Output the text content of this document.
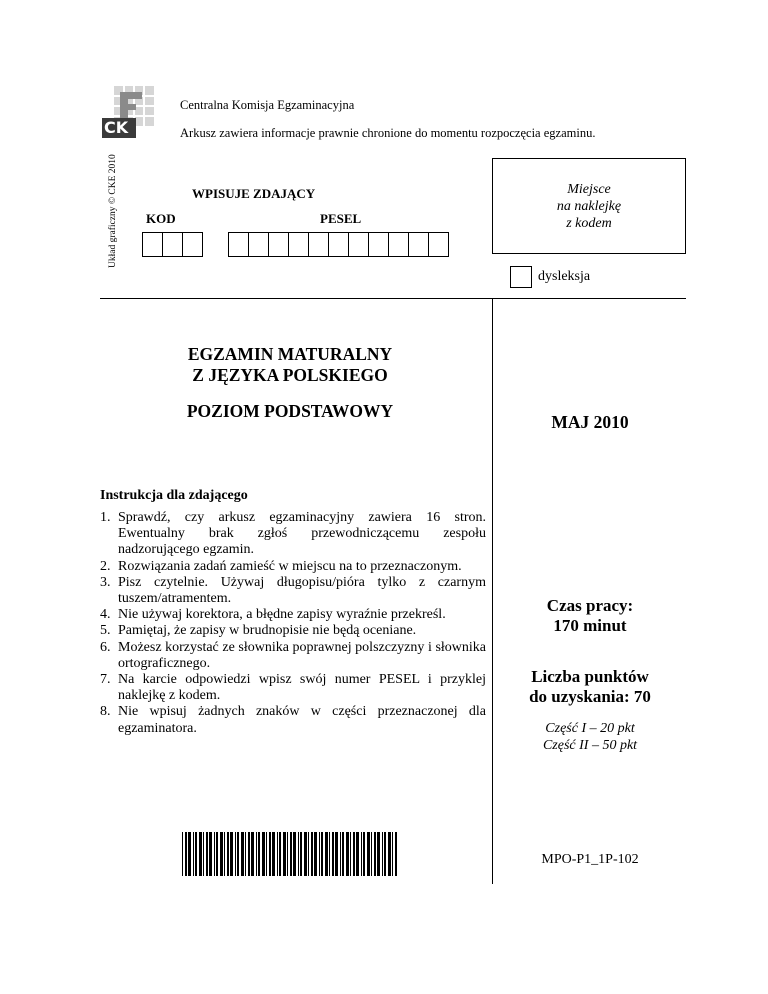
CK
Układ graficzny © CKE 2010
Centralna Komisja Egzaminacyjna
Arkusz zawiera informacje prawnie chronione do momentu rozpoczęcia egzaminu.
WPISUJE ZDAJĄCY
KOD	PESEL
Miejsce
na naklejkę
z kodem
dysleksja
EGZAMIN MATURALNY
Z JĘZYKA POLSKIEGO
POZIOM PODSTAWOWY
MAJ 2010
Czas pracy:
170 minut
Liczba punktów
do uzyskania: 70
Część I – 20 pkt
Część II – 50 pkt
MPO-P1_1P-102
Instrukcja dla zdającego
1. Sprawdź, czy arkusz egzaminacyjny zawiera 16 stron. Ewentualny brak zgłoś przewodniczącemu zespołu nadzorującego egzamin.
2. Rozwiązania zadań zamieść w miejscu na to przeznaczonym.
3. Pisz czytelnie. Używaj długopisu/pióra tylko z czarnym tuszem/atramentem.
4. Nie używaj korektora, a błędne zapisy wyraźnie przekreśl.
5. Pamiętaj, że zapisy w brudnopisie nie będą oceniane.
6. Możesz korzystać ze słownika poprawnej polszczyzny i słownika ortograficznego.
7. Na karcie odpowiedzi wpisz swój numer PESEL i przyklej naklejkę z kodem.
8. Nie wpisuj żadnych znaków w części przeznaczonej dla egzaminatora.
